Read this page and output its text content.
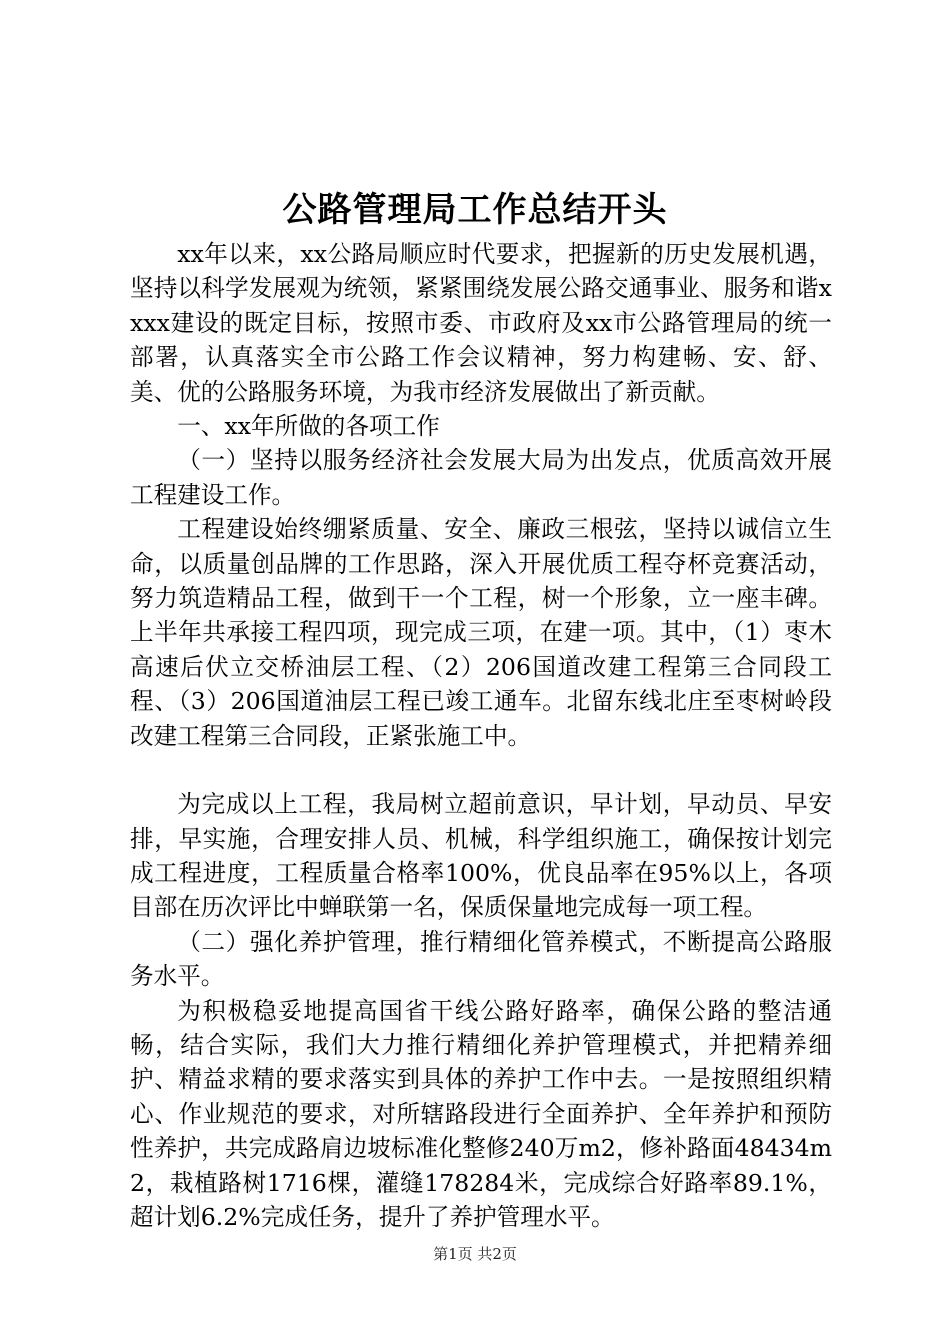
公路管理局工作总结开头

xx年以来，xx公路局顺应时代要求，把握新的历史发展机遇，坚持以科学发展观为统领，紧紧围绕发展公路交通事业、服务和谐xxxx建设的既定目标，按照市委、市政府及xx市公路管理局的统一部署，认真落实全市公路工作会议精神，努力构建畅、安、舒、美、优的公路服务环境，为我市经济发展做出了新贡献。

一、xx年所做的各项工作

（一）坚持以服务经济社会发展大局为出发点，优质高效开展工程建设工作。

工程建设始终绷紧质量、安全、廉政三根弦，坚持以诚信立生命，以质量创品牌的工作思路，深入开展优质工程夺杯竞赛活动，努力筑造精品工程，做到干一个工程，树一个形象，立一座丰碑。上半年共承接工程四项，现完成三项，在建一项。其中，（1）枣木高速后伏立交桥油层工程、（2）206国道改建工程第三合同段工程、（3）206国道油层工程已竣工通车。北留东线北庄至枣树岭段改建工程第三合同段，正紧张施工中。

为完成以上工程，我局树立超前意识，早计划，早动员、早安排，早实施，合理安排人员、机械，科学组织施工，确保按计划完成工程进度，工程质量合格率100%，优良品率在95%以上，各项目部在历次评比中蝉联第一名，保质保量地完成每一项工程。

（二）强化养护管理，推行精细化管养模式，不断提高公路服务水平。

为积极稳妥地提高国省干线公路好路率，确保公路的整洁通畅，结合实际，我们大力推行精细化养护管理模式，并把精养细护、精益求精的要求落实到具体的养护工作中去。一是按照组织精心、作业规范的要求，对所辖路段进行全面养护、全年养护和预防性养护，共完成路肩边坡标准化整修240万m2，修补路面48434m2，栽植路树1716棵，灌缝178284米，完成综合好路率89.1%，超计划6.2%完成任务，提升了养护管理水平。

第1页 共2页
